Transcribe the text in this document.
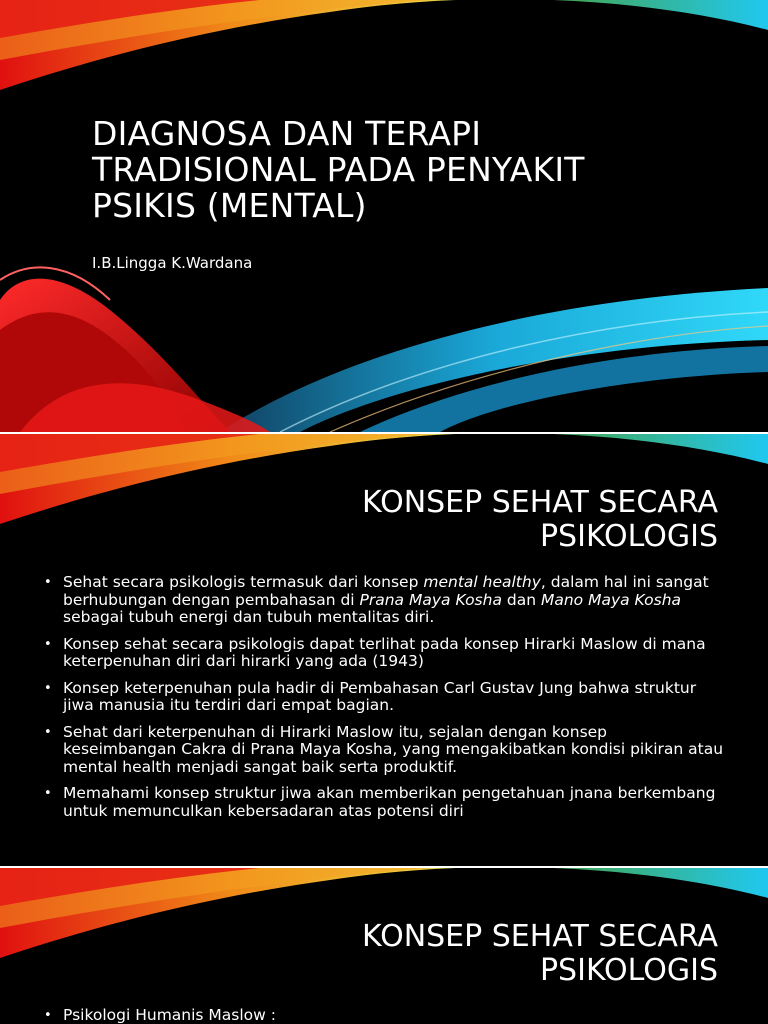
DIAGNOSA DAN TERAPI
TRADISIONAL PADA PENYAKIT
PSIKIS (MENTAL)
I.B.Lingga K.Wardana
KONSEP SEHAT SECARA
PSIKOLOGIS
• Sehat secara psikologis termasuk dari konsep mental healthy, dalam hal ini sangat berhubungan dengan pembahasan di Prana Maya Kosha dan Mano Maya Kosha sebagai tubuh energi dan tubuh mentalitas diri.
• Konsep sehat secara psikologis dapat terlihat pada konsep Hirarki Maslow di mana keterpenuhan diri dari hirarki yang ada (1943)
• Konsep keterpenuhan pula hadir di Pembahasan Carl Gustav Jung bahwa struktur jiwa manusia itu terdiri dari empat bagian.
• Sehat dari keterpenuhan di Hirarki Maslow itu, sejalan dengan konsep keseimbangan Cakra di Prana Maya Kosha, yang mengakibatkan kondisi pikiran atau mental health menjadi sangat baik serta produktif.
• Memahami konsep struktur jiwa akan memberikan pengetahuan jnana berkembang untuk memunculkan kebersadaran atas potensi diri
KONSEP SEHAT SECARA
PSIKOLOGIS
• Psikologi Humanis Maslow :
